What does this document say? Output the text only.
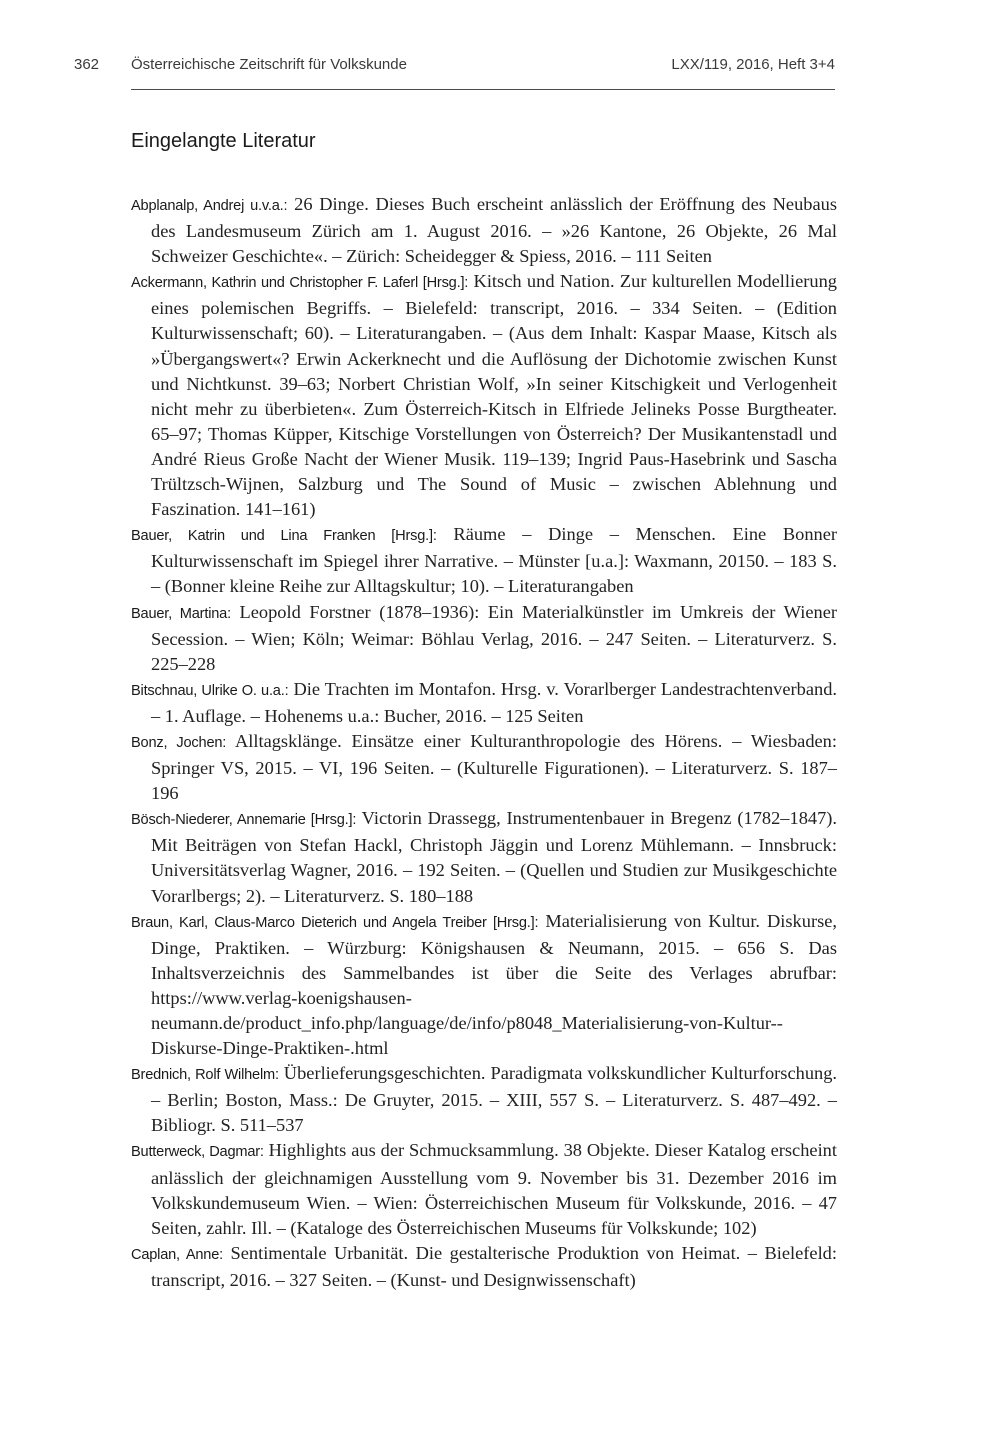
362 Österreichische Zeitschrift für Volkskunde	LXX/119, 2016, Heft 3+4
Eingelangte Literatur

Abplanalp, Andrej u.v.a.: 26 Dinge. Dieses Buch erscheint anlässlich der Eröffnung des Neubaus des Landesmuseum Zürich am 1. August 2016. – »26 Kantone, 26 Objekte, 26 Mal Schweizer Geschichte«. – Zürich: Scheidegger & Spiess, 2016. – 111 Seiten

Ackermann, Kathrin und Christopher F. Laferl [Hrsg.]: Kitsch und Nation. Zur kulturellen Modellierung eines polemischen Begriffs. – Bielefeld: transcript, 2016. – 334 Seiten. – (Edition Kulturwissenschaft; 60). – Literaturangaben. – (Aus dem Inhalt: Kaspar Maase, Kitsch als »Übergangswert«? Erwin Ackerknecht und die Auflösung der Dichotomie zwischen Kunst und Nichtkunst. 39–63; Norbert Christian Wolf, »In seiner Kitschigkeit und Verlogenheit nicht mehr zu überbieten«. Zum Österreich-Kitsch in Elfriede Jelineks Posse Burgtheater. 65–97; Thomas Küpper, Kitschige Vorstellungen von Österreich? Der Musikantenstadl und André Rieus Große Nacht der Wiener Musik. 119–139; Ingrid Paus-Hasebrink und Sascha Trültzsch-Wijnen, Salzburg und The Sound of Music – zwischen Ablehnung und Faszination. 141–161)

Bauer, Katrin und Lina Franken [Hrsg.]: Räume – Dinge – Menschen. Eine Bonner Kulturwissenschaft im Spiegel ihrer Narrative. – Münster [u.a.]: Waxmann, 20150. – 183 S. – (Bonner kleine Reihe zur Alltagskultur; 10). – Literaturangaben

Bauer, Martina: Leopold Forstner (1878–1936): Ein Materialkünstler im Umkreis der Wiener Secession. – Wien; Köln; Weimar: Böhlau Verlag, 2016. – 247 Seiten. – Literaturverz. S. 225–228

Bitschnau, Ulrike O. u.a.: Die Trachten im Montafon. Hrsg. v. Vorarlberger Landestrachtenverband. – 1. Auflage. – Hohenems u.a.: Bucher, 2016. – 125 Seiten

Bonz, Jochen: Alltagsklänge. Einsätze einer Kulturanthropologie des Hörens. – Wiesbaden: Springer VS, 2015. – VI, 196 Seiten. – (Kulturelle Figurationen). – Literaturverz. S. 187–196

Bösch-Niederer, Annemarie [Hrsg.]: Victorin Drassegg, Instrumentenbauer in Bregenz (1782–1847). Mit Beiträgen von Stefan Hackl, Christoph Jäggin und Lorenz Mühlemann. – Innsbruck: Universitätsverlag Wagner, 2016. – 192 Seiten. – (Quellen und Studien zur Musikgeschichte Vorarlbergs; 2). – Literaturverz. S. 180–188

Braun, Karl, Claus-Marco Dieterich und Angela Treiber [Hrsg.]: Materialisierung von Kultur. Diskurse, Dinge, Praktiken. – Würzburg: Königshausen & Neumann, 2015. – 656 S. Das Inhaltsverzeichnis des Sammelbandes ist über die Seite des Verlages abrufbar: https://www.verlag-koenigshausen-neumann.de/product_info.php/language/de/info/p8048_Materialisierung-von-Kultur--Diskurse-Dinge-Praktiken-.html

Brednich, Rolf Wilhelm: Überlieferungsgeschichten. Paradigmata volkskundlicher Kulturforschung. – Berlin; Boston, Mass.: De Gruyter, 2015. – XIII, 557 S. – Literaturverz. S. 487–492. – Bibliogr. S. 511–537

Butterweck, Dagmar: Highlights aus der Schmucksammlung. 38 Objekte. Dieser Katalog erscheint anlässlich der gleichnamigen Ausstellung vom 9. November bis 31. Dezember 2016 im Volkskundemuseum Wien. – Wien: Österreichischen Museum für Volkskunde, 2016. – 47 Seiten, zahlr. Ill. – (Kataloge des Österreichischen Museums für Volkskunde; 102)

Caplan, Anne: Sentimentale Urbanität. Die gestalterische Produktion von Heimat. – Bielefeld: transcript, 2016. – 327 Seiten. – (Kunst- und Designwissenschaft)
